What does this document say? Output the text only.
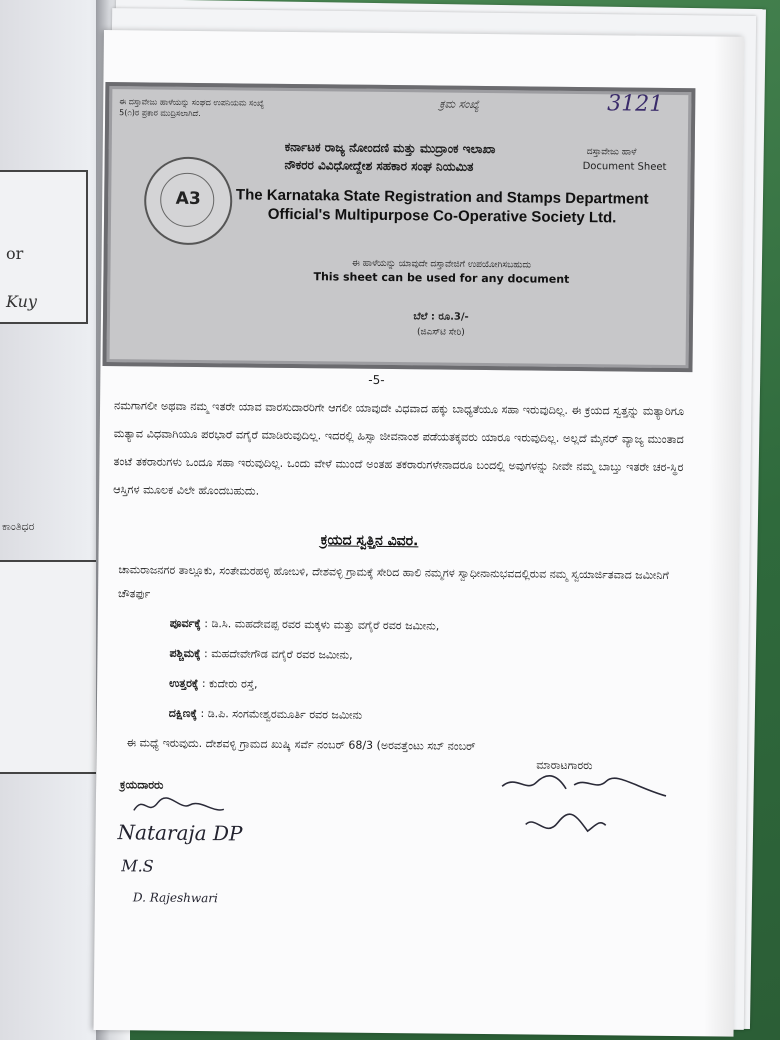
or
Kuy
ಕಾಂತಿಧರ
ಈ ದಸ್ತಾವೇಜು ಹಾಳೆಯನ್ನು ಸಂಘದ ಉಪನಿಯಮ ಸಂಖ್ಯೆ 5(೧)ರ ಪ್ರಕಾರ ಮುದ್ರಿಸಲಾಗಿದೆ.
ಕ್ರಮ ಸಂಖ್ಯೆ	3121
A3
ಕರ್ನಾಟಕ ರಾಜ್ಯ ನೋಂದಣಿ ಮತ್ತು ಮುದ್ರಾಂಕ ಇಲಾಖಾ
ನೌಕರರ ವಿವಿಧೋದ್ದೇಶ ಸಹಕಾರ ಸಂಘ ನಿಯಮಿತ
ದಸ್ತಾವೇಜು ಹಾಳೆ
Document Sheet
The Karnataka State Registration and Stamps Department
Official's Multipurpose Co-Operative Society Ltd.
ಈ ಹಾಳೆಯನ್ನು ಯಾವುದೇ ದಸ್ತಾವೇಜಿಗೆ ಉಪಯೋಗಿಸಬಹುದು
This sheet can be used for any document
ಬೆಲೆ : ರೂ.3/-
(ಜಿಎಸ್‌ಟಿ ಸೇರಿ)
-5-
ನಮಗಾಗಲೀ ಅಥವಾ ನಮ್ಮ ಇತರೇ ಯಾವ ವಾರಸುದಾರರಿಗೇ ಆಗಲೀ ಯಾವುದೇ ವಿಧವಾದ ಹಕ್ಕು ಬಾಧ್ಯತೆಯೂ ಸಹಾ ಇರುವುದಿಲ್ಲ. ಈ ಕ್ರಯದ ಸ್ವತ್ತನ್ನು ಮತ್ಯಾರಿಗೂ ಮತ್ಯಾವ ವಿಧವಾಗಿಯೂ ಪರಭಾರೆ ವಗೈರೆ ಮಾಡಿರುವುದಿಲ್ಲ. ಇದರಲ್ಲಿ ಹಿಸ್ಸಾ ಜೀವನಾಂಶ ಪಡೆಯತಕ್ಕವರು ಯಾರೂ ಇರುವುದಿಲ್ಲ. ಅಲ್ಲದೆ ಮೈನರ್ ವ್ಯಾಜ್ಯ ಮುಂತಾದ ತಂಟೆ ತಕರಾರುಗಳು ಒಂದೂ ಸಹಾ ಇರುವುದಿಲ್ಲ. ಒಂದು ವೇಳೆ ಮುಂದೆ ಅಂತಹ ತಕರಾರುಗಳೇನಾದರೂ ಬಂದಲ್ಲಿ ಅವುಗಳನ್ನು ನೀವೇ ನಮ್ಮ ಬಾಬ್ತು ಇತರೇ ಚರ-ಸ್ಥಿರ ಆಸ್ತಿಗಳ ಮೂಲಕ ವಿಲೇ ಹೊಂದಬಹುದು.
ಕ್ರಯದ ಸ್ವತ್ತಿನ ವಿವರ.
ಚಾಮರಾಜನಗರ ತಾಲ್ಲೂಕು, ಸಂತೇಮರಹಳ್ಳಿ ಹೋಬಳಿ, ದೇಶವಳ್ಳಿ ಗ್ರಾಮಕ್ಕೆ ಸೇರಿದ ಹಾಲಿ ನಮ್ಮಗಳ ಸ್ವಾಧೀನಾನುಭವದಲ್ಲಿರುವ ನಮ್ಮ ಸ್ವಯಾರ್ಜಿತವಾದ ಜಮೀನಿಗೆ ಚೌತರ್ಫು
ಪೂರ್ವಕ್ಕೆ : ಡಿ.ಸಿ. ಮಹದೇವಪ್ಪ ರವರ ಮಕ್ಕಳು ಮತ್ತು ವಗೈರೆ ರವರ ಜಮೀನು,
ಪಶ್ಚಿಮಕ್ಕೆ : ಮಹದೇವೇಗೌಡ ವಗೈರೆ ರವರ ಜಮೀನು,
ಉತ್ತರಕ್ಕೆ : ಕುದೇರು ರಸ್ತೆ,
ದಕ್ಷಿಣಕ್ಕೆ : ಡಿ.ಪಿ. ಸಂಗಮೇಶ್ವರಮೂರ್ತಿ ರವರ ಜಮೀನು
ಈ ಮಧ್ಯೆ ಇರುವುದು. ದೇಶವಳ್ಳಿ ಗ್ರಾಮದ ಖುಷ್ಕಿ ಸರ್ವೆ ನಂಬರ್ 68/3 (ಅರವತ್ತೆಂಟು ಸಬ್ ನಂಬರ್
ಮಾರಾಟಗಾರರು
ಕ್ರಯದಾರರು
Nataraja DP
M.S
D. Rajeshwari
